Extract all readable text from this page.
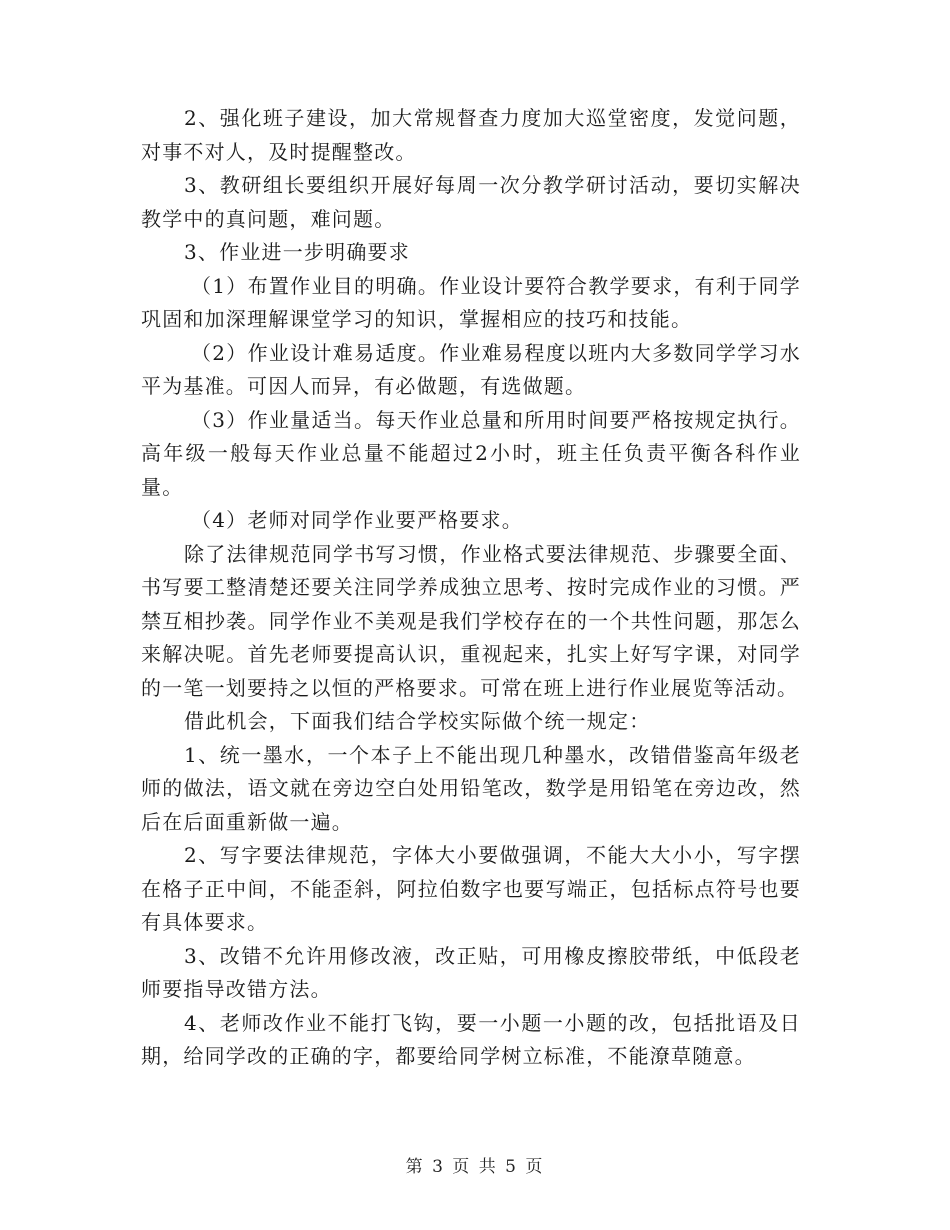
2、强化班子建设，加大常规督查力度加大巡堂密度，发觉问题，对事不对人，及时提醒整改。

3、教研组长要组织开展好每周一次分教学研讨活动，要切实解决教学中的真问题，难问题。

3、作业进一步明确要求

（1）布置作业目的明确。作业设计要符合教学要求，有利于同学巩固和加深理解课堂学习的知识，掌握相应的技巧和技能。

（2）作业设计难易适度。作业难易程度以班内大多数同学学习水平为基准。可因人而异，有必做题，有选做题。

（3）作业量适当。每天作业总量和所用时间要严格按规定执行。高年级一般每天作业总量不能超过2小时，班主任负责平衡各科作业量。

（4）老师对同学作业要严格要求。

除了法律规范同学书写习惯，作业格式要法律规范、步骤要全面、书写要工整清楚还要关注同学养成独立思考、按时完成作业的习惯。严禁互相抄袭。同学作业不美观是我们学校存在的一个共性问题，那怎么来解决呢。首先老师要提高认识，重视起来，扎实上好写字课，对同学的一笔一划要持之以恒的严格要求。可常在班上进行作业展览等活动。

借此机会，下面我们结合学校实际做个统一规定：

1、统一墨水，一个本子上不能出现几种墨水，改错借鉴高年级老师的做法，语文就在旁边空白处用铅笔改，数学是用铅笔在旁边改，然后在后面重新做一遍。

2、写字要法律规范，字体大小要做强调，不能大大小小，写字摆在格子正中间，不能歪斜，阿拉伯数字也要写端正，包括标点符号也要有具体要求。

3、改错不允许用修改液，改正贴，可用橡皮擦胶带纸，中低段老师要指导改错方法。

4、老师改作业不能打飞钩，要一小题一小题的改，包括批语及日期，给同学改的正确的字，都要给同学树立标准，不能潦草随意。

第 3 页 共 5 页
